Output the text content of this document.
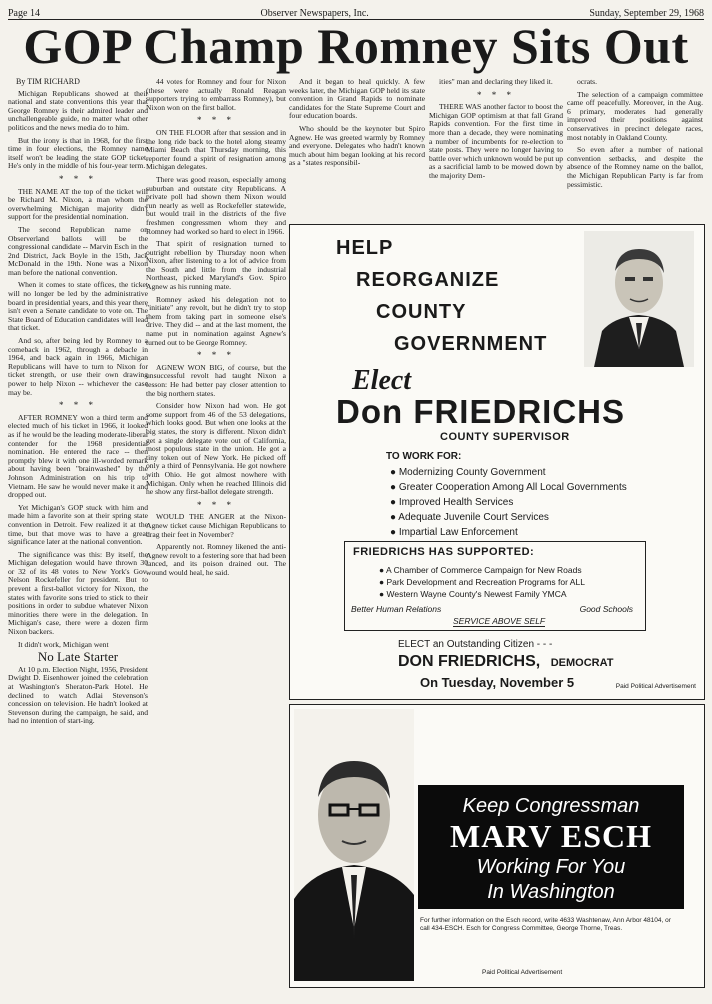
Page 14	Observer Newspapers, Inc.	Sunday, September 29, 1968
GOP Champ Romney Sits Out
By TIM RICHARD

Michigan Republicans showed at their national and state conventions this year that George Romney is their admired leader and unchallengeable guide, no matter what other politicos and the news media do to him.

But the irony is that in 1968, for the first time in four elections, the Romney name itself won't be leading the state GOP ticket. He's only in the middle of his four-year term.

* * *

THE NAME AT the top of the ticket will be Richard M. Nixon, a man whom the overwhelming Michigan majority didn't support for the presidential nomination.

The second Republican name on Observerland ballots will be the congressional candidate -- Marvin Esch in the 2nd District, Jack Boyle in the 15th, Jack McDonald in the 19th. None was a Nixon man before the national convention.

When it comes to state offices, the ticket will no longer be led by the administrative board in presidential years, and this year there isn't even a Senate candidate to vote on. The State Board of Education candidates will lead that ticket.

And so, after being led by Romney to a comeback in 1962, through a debacle in 1964, and back again in 1966, Michigan Republicans will have to turn to Nixon for ticket strength, or use their own drawing power to help Nixon -- whichever the case may be.

* * *

AFTER ROMNEY won a third term and elected much of his ticket in 1966, it looked as if he would be the leading moderate-liberal contender for the 1968 presidential nomination. He entered the race -- then promptly blew it with one ill-worded remark about having been "brainwashed" by the Johnson Administration on his trip to Vietnam. He saw he would never make it and dropped out.

Yet Michigan's GOP stuck with him and made him a favorite son at their spring state convention in Detroit. Few realized it at the time, but that move was to have a great significance later at the national convention.

The significance was this: By itself, the Michigan delegation would have thrown 30 or 32 of its 48 votes to New York's Gov. Nelson Rockefeller for president. But to prevent a first-ballot victory for Nixon, the states with favorite sons tried to stick to their positions in order to subdue whatever Nixon minorities there were in the delegation. In Michigan's case, there were a dozen firm Nixon backers.

It didn't work, Michigan went

No Late Starter

At 10 p.m. Election Night, 1956, President Dwight D. Eisenhower joined the celebration at Washington's Sheraton-Park Hotel. He declined to watch Adlai Stevenson's concession on television. He hadn't looked at Stevenson during the campaign, he said, and had no intention of start-ing.

44 votes for Romney and four for Nixon (these were actually Ronald Reagan supporters trying to embarrass Romney), but Nixon won on the first ballot.

* * *

ON THE FLOOR after that session and in the long ride back to the hotel along steamy Miami Beach that Thursday morning, this reporter found a spirit of resignation among Michigan delegates.

There was good reason, especially among suburban and outstate city Republicans. A private poll had shown them Nixon would run nearly as well as Rockefeller statewide, but would trail in the districts of the five freshmen congressmen whom they and Romney had worked so hard to elect in 1966.

That spirit of resignation turned to outright rebellion by Thursday noon when Nixon, after listening to a lot of advice from the South and little from the industrial Northeast, picked Maryland's Gov. Spiro Agnew as his running mate.

Romney asked his delegation not to "initiate" any revolt, but he didn't try to stop them from taking part in someone else's drive. They did -- and at the last moment, the name put in nomination against Agnew's turned out to be George Romney.

* * *

AGNEW WON BIG, of course, but the unsuccessful revolt had taught Nixon a lesson: He had better pay closer attention to the big northern states.

Consider how Nixon had won. He got some support from 46 of the 53 delegations, which looks good. But when one looks at the big states, the story is different. Nixon didn't get a single delegate vote out of California, most populous state in the union. He got a tiny token out of New York. He picked off only a third of Pennsylvania. He got nowhere with Ohio. He got almost nowhere with Michigan. Only when he reached Illinois did he show any first-ballot delegate strength.

* * *

WOULD THE ANGER at the Nixon-Agnew ticket cause Michigan Republicans to drag their feet in November?

Apparently not. Romney likened the anti-Agnew revolt to a festering sore that had been lanced, and its poison drained out. The wound would heal, he said.

And it began to heal quickly. A few weeks later, the Michigan GOP held its state convention in Grand Rapids to nominate candidates for the State Supreme Court and four education boards.

Who should be the keynoter but Spiro Agnew. He was greeted warmly by Romney and everyone. Delegates who hadn't known much about him began looking at his record as a "states responsibil-

ities" man and declaring they liked it.

* * *

THERE WAS another factor to boost the Michigan GOP optimism at that fall Grand Rapids convention. For the first time in more than a decade, they were nominating a number of incumbents for re-election to state posts. They were no longer having to battle over which unknown would be put up as a sacrificial lamb to be mowed down by the majority Dem-

ocrats.

The selection of a campaign committee came off peacefully. Moreover, in the Aug. 6 primary, moderates had generally improved their positions against conservatives in precinct delegate races, most notably in Oakland County.

So even after a number of national convention setbacks, and despite the absence of the Romney name on the ballot, the Michigan Republican Party is far from pessimistic.

HELP
REORGANIZE
COUNTY
GOVERNMENT
Elect
Don FRIEDRICHS
COUNTY SUPERVISOR
TO WORK FOR:
● Modernizing County Government
● Greater Cooperation Among All Local Governments
● Improved Health Services
● Adequate Juvenile Court Services
● Impartial Law Enforcement
FRIEDRICHS HAS SUPPORTED:
● A Chamber of Commerce Campaign for New Roads
● Park Development and Recreation Programs for ALL
● Western Wayne County's Newest Family YMCA
Better Human Relations	Good Schools
SERVICE ABOVE SELF
ELECT an Outstanding Citizen - - -
DON FRIEDRICHS, DEMOCRAT
On Tuesday, November 5	Paid Political Advertisement
Keep Congressman
MARV ESCH
Working For You
In Washington
For further information on the Esch record, write 4633 Washtenaw, Ann Arbor 48104, or call 434-ESCH. Esch for Congress Committee, George Thorne, Treas.
Paid Political Advertisement
